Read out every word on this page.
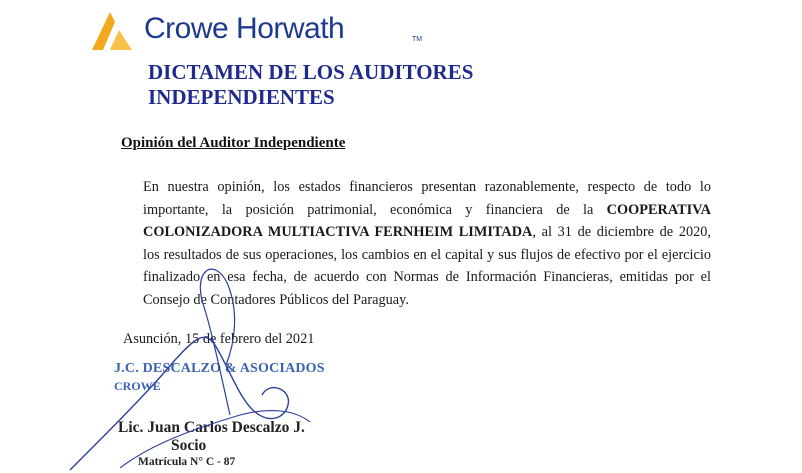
Crowe Horwath	TM
DICTAMEN DE LOS AUDITORES
INDEPENDIENTES
Opinión del Auditor Independiente

En nuestra opinión, los estados financieros presentan razonablemente, respecto de todo lo importante, la posición patrimonial, económica y financiera de la COOPERATIVA COLONIZADORA MULTIACTIVA FERNHEIM LIMITADA, al 31 de diciembre de 2020, los resultados de sus operaciones, los cambios en el capital y sus flujos de efectivo por el ejercicio finalizado en esa fecha, de acuerdo con Normas de Información Financieras, emitidas por el Consejo de Contadores Públicos del Paraguay.

Asunción, 15 de febrero del 2021
J.C. DESCALZO & ASOCIADOS
CROWE
Lic. Juan Carlos Descalzo J.
Socio
Matrícula N° C - 87
